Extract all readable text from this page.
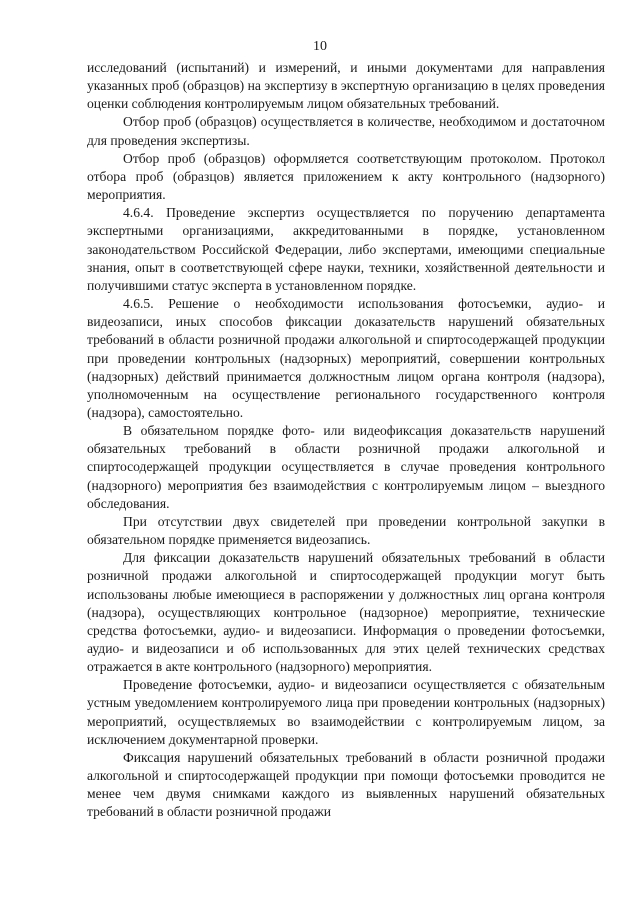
10

исследований (испытаний) и измерений, и иными документами для направления указанных проб (образцов) на экспертизу в экспертную организацию в целях проведения оценки соблюдения контролируемым лицом обязательных требований.

Отбор проб (образцов) осуществляется в количестве, необходимом и достаточном для проведения экспертизы.

Отбор проб (образцов) оформляется соответствующим протоколом. Протокол отбора проб (образцов) является приложением к акту контрольного (надзорного) мероприятия.

4.6.4. Проведение экспертиз осуществляется по поручению департамента экспертными организациями, аккредитованными в порядке, установленном законодательством Российской Федерации, либо экспертами, имеющими специальные знания, опыт в соответствующей сфере науки, техники, хозяйственной деятельности и получившими статус эксперта в установленном порядке.

4.6.5. Решение о необходимости использования фотосъемки, аудио- и видеозаписи, иных способов фиксации доказательств нарушений обязательных требований в области розничной продажи алкогольной и спиртосодержащей продукции при проведении контрольных (надзорных) мероприятий, совершении контрольных (надзорных) действий принимается должностным лицом органа контроля (надзора), уполномоченным на осуществление регионального государственного контроля (надзора), самостоятельно.

В обязательном порядке фото- или видеофиксация доказательств нарушений обязательных требований в области розничной продажи алкогольной и спиртосодержащей продукции осуществляется в случае проведения контрольного (надзорного) мероприятия без взаимодействия с контролируемым лицом – выездного обследования.

При отсутствии двух свидетелей при проведении контрольной закупки в обязательном порядке применяется видеозапись.

Для фиксации доказательств нарушений обязательных требований в области розничной продажи алкогольной и спиртосодержащей продукции могут быть использованы любые имеющиеся в распоряжении у должностных лиц органа контроля (надзора), осуществляющих контрольное (надзорное) мероприятие, технические средства фотосъемки, аудио- и видеозаписи. Информация о проведении фотосъемки, аудио- и видеозаписи и об использованных для этих целей технических средствах отражается в акте контрольного (надзорного) мероприятия.

Проведение фотосъемки, аудио- и видеозаписи осуществляется с обязательным устным уведомлением контролируемого лица при проведении контрольных (надзорных) мероприятий, осуществляемых во взаимодействии с контролируемым лицом, за исключением документарной проверки.

Фиксация нарушений обязательных требований в области розничной продажи алкогольной и спиртосодержащей продукции при помощи фотосъемки проводится не менее чем двумя снимками каждого из выявленных нарушений обязательных требований в области розничной продажи
